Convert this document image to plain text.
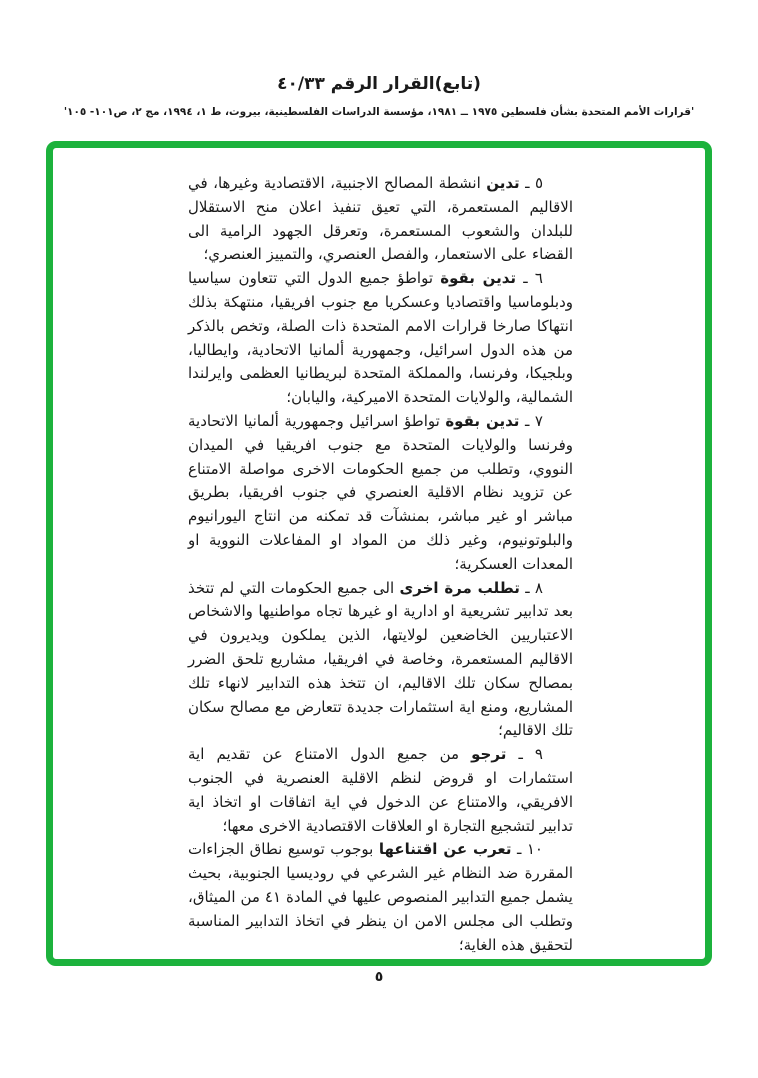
(تابع)القرار الرقم ٤٠/٣٣
'قرارات الأمم المتحدة بشأن فلسطين ١٩٧٥ ــ ١٩٨١، مؤسسة الدراسات الفلسطينية، بيروت، ط ١، ١٩٩٤، مج ٢، ص١٠١- ١٠٥'

٥ ـ تدين انشطة المصالح الاجنبية، الاقتصادية وغيرها، في الاقاليم المستعمرة، التي تعيق تنفيذ اعلان منح الاستقلال للبلدان والشعوب المستعمرة، وتعرقل الجهود الرامية الى القضاء على الاستعمار، والفصل العنصري، والتمييز العنصري؛

٦ ـ تدين بقوة تواطؤ جميع الدول التي تتعاون سياسيا ودبلوماسيا واقتصاديا وعسكريا مع جنوب افريقيا، منتهكة بذلك انتهاكا صارخا قرارات الامم المتحدة ذات الصلة، وتخص بالذكر من هذه الدول اسرائيل، وجمهورية ألمانيا الاتحادية، وايطاليا، وبلجيكا، وفرنسا، والمملكة المتحدة لبريطانيا العظمى وايرلندا الشمالية، والولايات المتحدة الاميركية، واليابان؛

٧ ـ تدين بقوة تواطؤ اسرائيل وجمهورية ألمانيا الاتحادية وفرنسا والولايات المتحدة مع جنوب افريقيا في الميدان النووي، وتطلب من جميع الحكومات الاخرى مواصلة الامتناع عن تزويد نظام الاقلية العنصري في جنوب افريقيا، بطريق مباشر او غير مباشر، بمنشآت قد تمكنه من انتاج اليورانيوم والبلوتونيوم، وغير ذلك من المواد او المفاعلات النووية او المعدات العسكرية؛

٨ ـ تطلب مرة اخرى الى جميع الحكومات التي لم تتخذ بعد تدابير تشريعية او ادارية او غيرها تجاه مواطنيها والاشخاص الاعتباريين الخاضعين لولايتها، الذين يملكون ويديرون في الاقاليم المستعمرة، وخاصة في افريقيا، مشاريع تلحق الضرر بمصالح سكان تلك الاقاليم، ان تتخذ هذه التدابير لانهاء تلك المشاريع، ومنع اية استثمارات جديدة تتعارض مع مصالح سكان تلك الاقاليم؛

٩ ـ ترجو من جميع الدول الامتناع عن تقديم اية استثمارات او قروض لنظم الاقلية العنصرية في الجنوب الافريقي، والامتناع عن الدخول في اية اتفاقات او اتخاذ اية تدابير لتشجيع التجارة او العلاقات الاقتصادية الاخرى معها؛

١٠ ـ تعرب عن اقتناعها بوجوب توسيع نطاق الجزاءات المقررة ضد النظام غير الشرعي في روديسيا الجنوبية، بحيث يشمل جميع التدابير المنصوص عليها في المادة ٤١ من الميثاق، وتطلب الى مجلس الامن ان ينظر في اتخاذ التدابير المناسبة لتحقيق هذه الغاية؛

٥
